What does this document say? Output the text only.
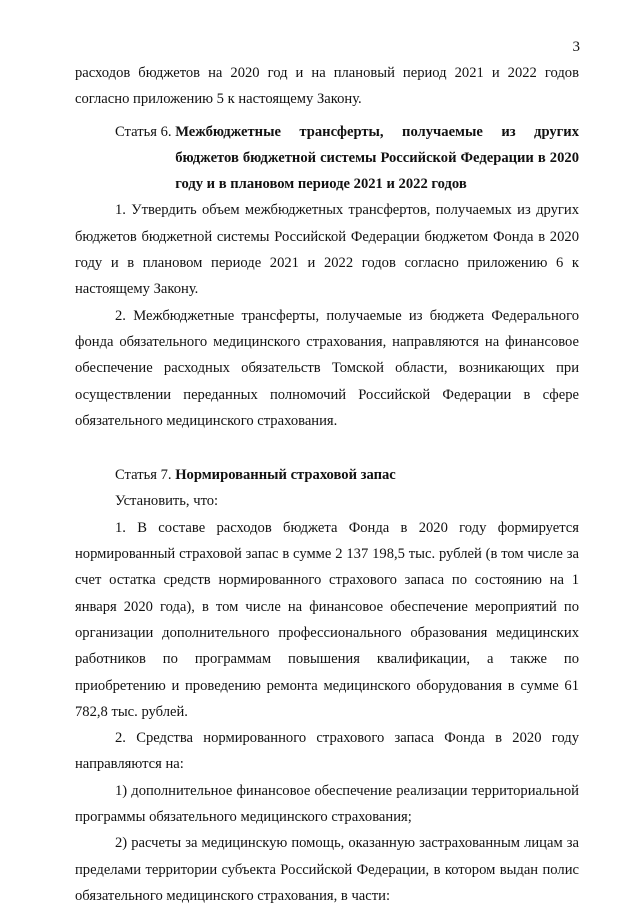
3

расходов бюджетов на 2020 год и на плановый период 2021 и 2022 годов согласно приложению 5 к настоящему Закону.

Статья 6. Межбюджетные трансферты, получаемые из других бюджетов бюджетной системы Российской Федерации в 2020 году и в плановом периоде 2021 и 2022 годов

1. Утвердить объем межбюджетных трансфертов, получаемых из других бюджетов бюджетной системы Российской Федерации бюджетом Фонда в 2020 году и в плановом периоде 2021 и 2022 годов согласно приложению 6 к настоящему Закону.

2. Межбюджетные трансферты, получаемые из бюджета Федерального фонда обязательного медицинского страхования, направляются на финансовое обеспечение расходных обязательств Томской области, возникающих при осуществлении переданных полномочий Российской Федерации в сфере обязательного медицинского страхования.

Статья 7. Нормированный страховой запас

Установить, что:

1. В составе расходов бюджета Фонда в 2020 году формируется нормированный страховой запас в сумме 2 137 198,5 тыс. рублей (в том числе за счет остатка средств нормированного страхового запаса по состоянию на 1 января 2020 года), в том числе на финансовое обеспечение мероприятий по организации дополнительного профессионального образования медицинских работников по программам повышения квалификации, а также по приобретению и проведению ремонта медицинского оборудования в сумме 61 782,8 тыс. рублей.

2. Средства нормированного страхового запаса Фонда в 2020 году направляются на:

1) дополнительное финансовое обеспечение реализации территориальной программы обязательного медицинского страхования;

2) расчеты за медицинскую помощь, оказанную застрахованным лицам за пределами территории субъекта Российской Федерации, в котором выдан полис обязательного медицинского страхования, в части:
